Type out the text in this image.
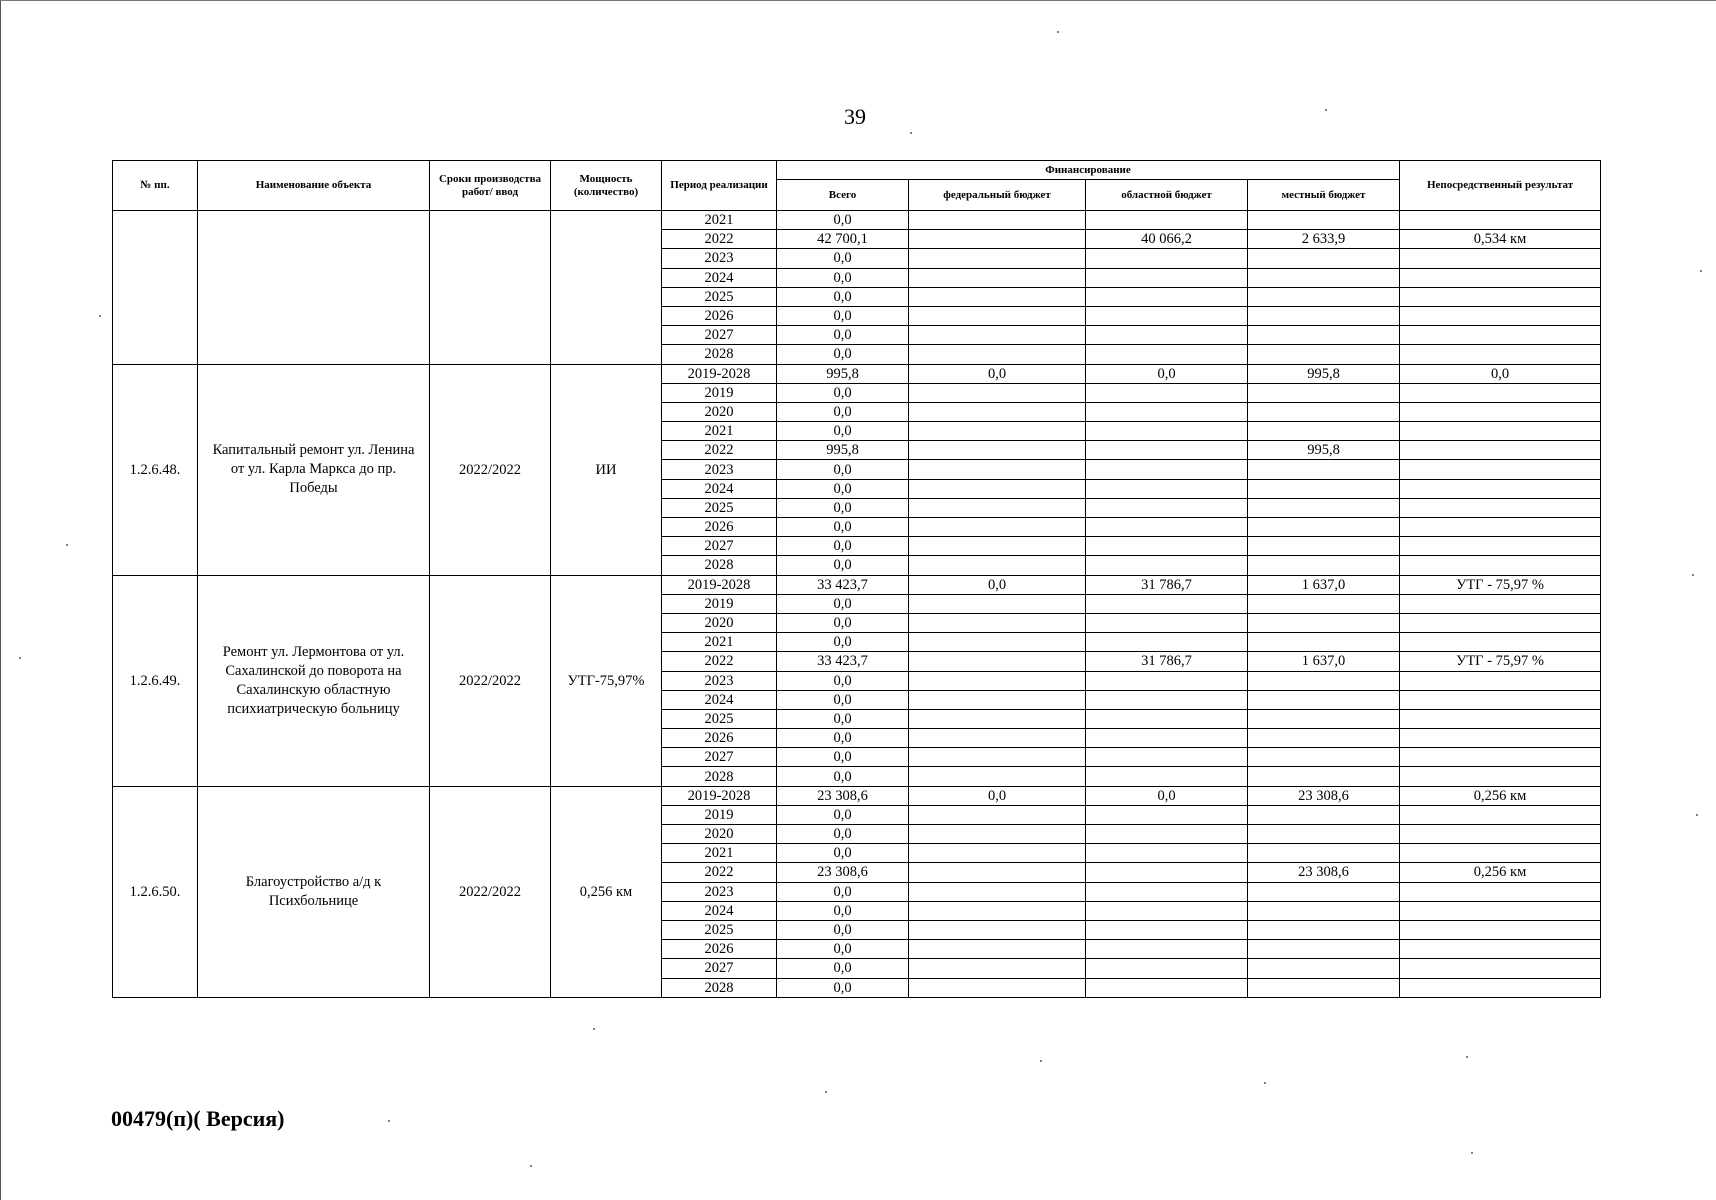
39
№ пп.	Наименование объекта	Сроки производства работ/ ввод	Мощность (количество)	Период реализации	Финансирование				Непосредственный результат
					Всего	федеральный бюджет	областной бюджет	местный бюджет	
				2021	0,0				
				2022	42 700,1		40 066,2	2 633,9	0,534 км
				2023	0,0				
				2024	0,0				
				2025	0,0				
				2026	0,0				
				2027	0,0				
				2028	0,0				
1.2.6.48.	Капитальный ремонт ул. Ленина от ул. Карла Маркса до пр. Победы	2022/2022	ИИ	2019-2028	995,8	0,0	0,0	995,8	0,0
				2019	0,0				
				2020	0,0				
				2021	0,0				
				2022	995,8			995,8	
				2023	0,0				
				2024	0,0				
				2025	0,0				
				2026	0,0				
				2027	0,0				
				2028	0,0				
1.2.6.49.	Ремонт ул. Лермонтова от ул. Сахалинской до поворота на Сахалинскую областную психиатрическую больницу	2022/2022	УТГ-75,97%	2019-2028	33 423,7	0,0	31 786,7	1 637,0	УТГ - 75,97 %
				2019	0,0				
				2020	0,0				
				2021	0,0				
				2022	33 423,7		31 786,7	1 637,0	УТГ - 75,97 %
				2023	0,0				
				2024	0,0				
				2025	0,0				
				2026	0,0				
				2027	0,0				
				2028	0,0				
1.2.6.50.	Благоустройство а/д к Психбольнице	2022/2022	0,256 км	2019-2028	23 308,6	0,0	0,0	23 308,6	0,256 км
				2019	0,0				
				2020	0,0				
				2021	0,0				
				2022	23 308,6			23 308,6	0,256 км
				2023	0,0				
				2024	0,0				
				2025	0,0				
				2026	0,0				
				2027	0,0				
				2028	0,0				
00479(п)( Версия)
